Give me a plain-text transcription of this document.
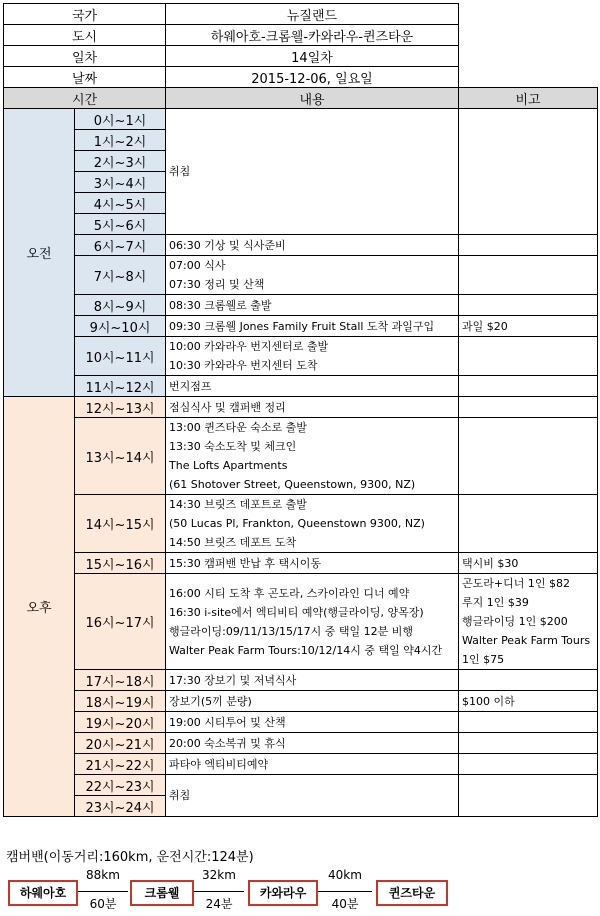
국가		뉴질랜드	
도시		하웨아호-크롬웰-카와라우-퀸즈타운	
일차		14일차	
날짜		2015-12-06, 일요일	
시간		내용	비고
오전	0시~1시	취침	

	1시~2시		
	2시~3시		
	3시~4시		
	4시~5시		
	5시~6시		
	6시~7시	06:30 기상 및 식사준비	

	7시~8시	07:00 식사
07:30 정리 및 산책	

	8시~9시	08:30 크롬웰로 출발	

	9시~10시	09:30 크롬웰 Jones Family Fruit Stall 도착 과일구입	과일 $20

	10시~11시	10:00 카와라우 번지센터로 출발
10:30 카와라우 번지센터 도착	

	11시~12시	번지점프	

오후	12시~13시	점심식사 및 캠퍼밴 정리	

	13시~14시	13:00 퀸즈타운 숙소로 출발
13:30 숙소도착 및 체크인
The Lofts Apartments
(61 Shotover Street, Queenstown, 9300, NZ)	

	14시~15시	14:30 브릿즈 데포트로 출발
(50 Lucas Pl, Frankton, Queenstown 9300, NZ)
14:50 브릿즈 데포트 도착	

	15시~16시	15:30 캠퍼밴 반납 후 택시이동	택시비 $30

	16시~17시	16:00 시티 도착 후 곤도라, 스카이라인 디너 예약
16:30 i-site에서 엑티비티 예약(행글라이딩, 양목장)
행글라이딩:09/11/13/15/17시 중 택일 12분 비행
Walter Peak Farm Tours:10/12/14시 중 택일 약4시간	곤도라+디너 1인 $82
루지 1인 $39
행글라이딩 1인 $200
Walter Peak Farm Tours
1인 $75

	17시~18시	17:30 장보기 및 저녁식사	

	18시~19시	장보기(5끼 분량)	$100 이하

	19시~20시	19:00 시티투어 및 산책	

	20시~21시	20:00 숙소복귀 및 휴식	

	21시~22시	파타야 엑티비티예약	

	22시~23시	취침	

	23시~24시		
캠버밴(이동거리:160km, 운전시간:124분)
하웨아호
88km
60분
크롬웰
32km
24분
카와라우
40km
40분
퀸즈타운
